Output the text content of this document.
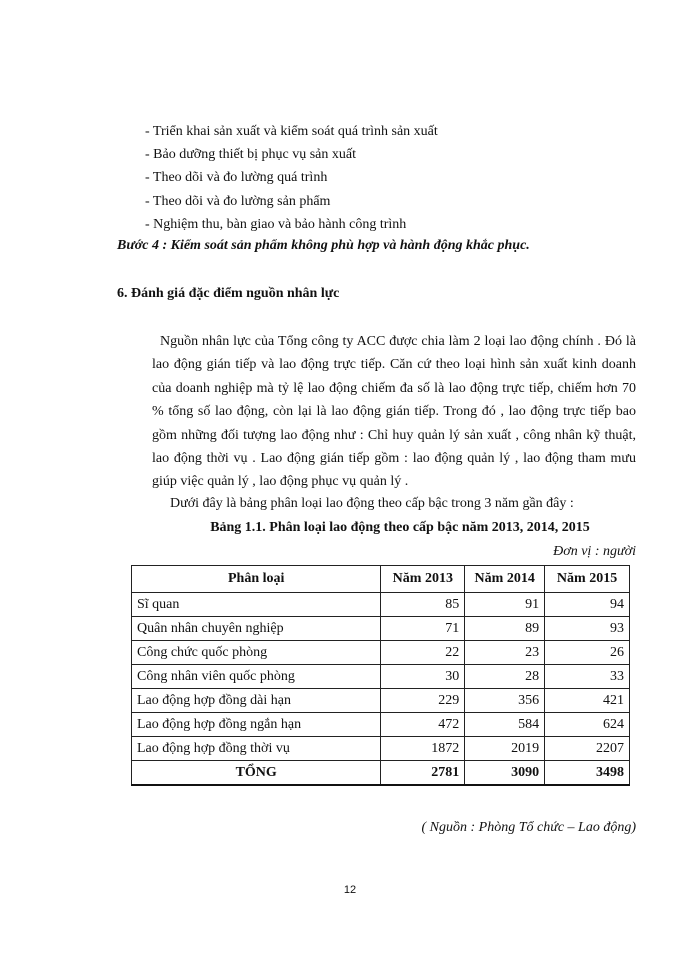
- Triển khai sản xuất và kiểm soát quá trình sản xuất
- Bảo dưỡng thiết bị phục vụ sản xuất
- Theo dõi và đo lường quá trình
- Theo dõi và đo lường sản phẩm
- Nghiệm thu, bàn giao và bảo hành công trình
Bước 4 : Kiểm soát sản phẩm không phù hợp và hành động khắc phục.
6. Đánh giá đặc điểm nguồn nhân lực
Nguồn nhân lực của Tổng công ty ACC được chia làm 2 loại lao động chính . Đó là lao động gián tiếp và lao động trực tiếp. Căn cứ theo loại hình sản xuất kinh doanh của doanh nghiệp mà tỷ lệ lao động chiếm đa số là lao động trực tiếp, chiếm hơn 70 % tổng số lao động, còn lại là lao động gián tiếp. Trong đó , lao động trực tiếp bao gồm những đối tượng lao động như : Chỉ huy quản lý sản xuất , công nhân kỹ thuật, lao động thời vụ . Lao động gián tiếp gồm : lao động quản lý , lao động tham mưu giúp việc quản lý , lao động phục vụ quản lý .
Dưới đây là bảng phân loại lao động theo cấp bậc trong 3 năm gần đây :
Bảng 1.1. Phân loại lao động theo cấp bậc năm 2013, 2014, 2015
Đơn vị : người
Phân loại	Năm 2013	Năm 2014	Năm 2015
Sĩ quan	85	91	94
Quân nhân chuyên nghiệp	71	89	93
Công chức quốc phòng	22	23	26
Công nhân viên quốc phòng	30	28	33
Lao động hợp đồng dài hạn	229	356	421
Lao động hợp đồng ngắn hạn	472	584	624
Lao động hợp đồng thời vụ	1872	2019	2207
TỔNG	2781	3090	3498
( Nguồn : Phòng Tổ chức – Lao động)
12
